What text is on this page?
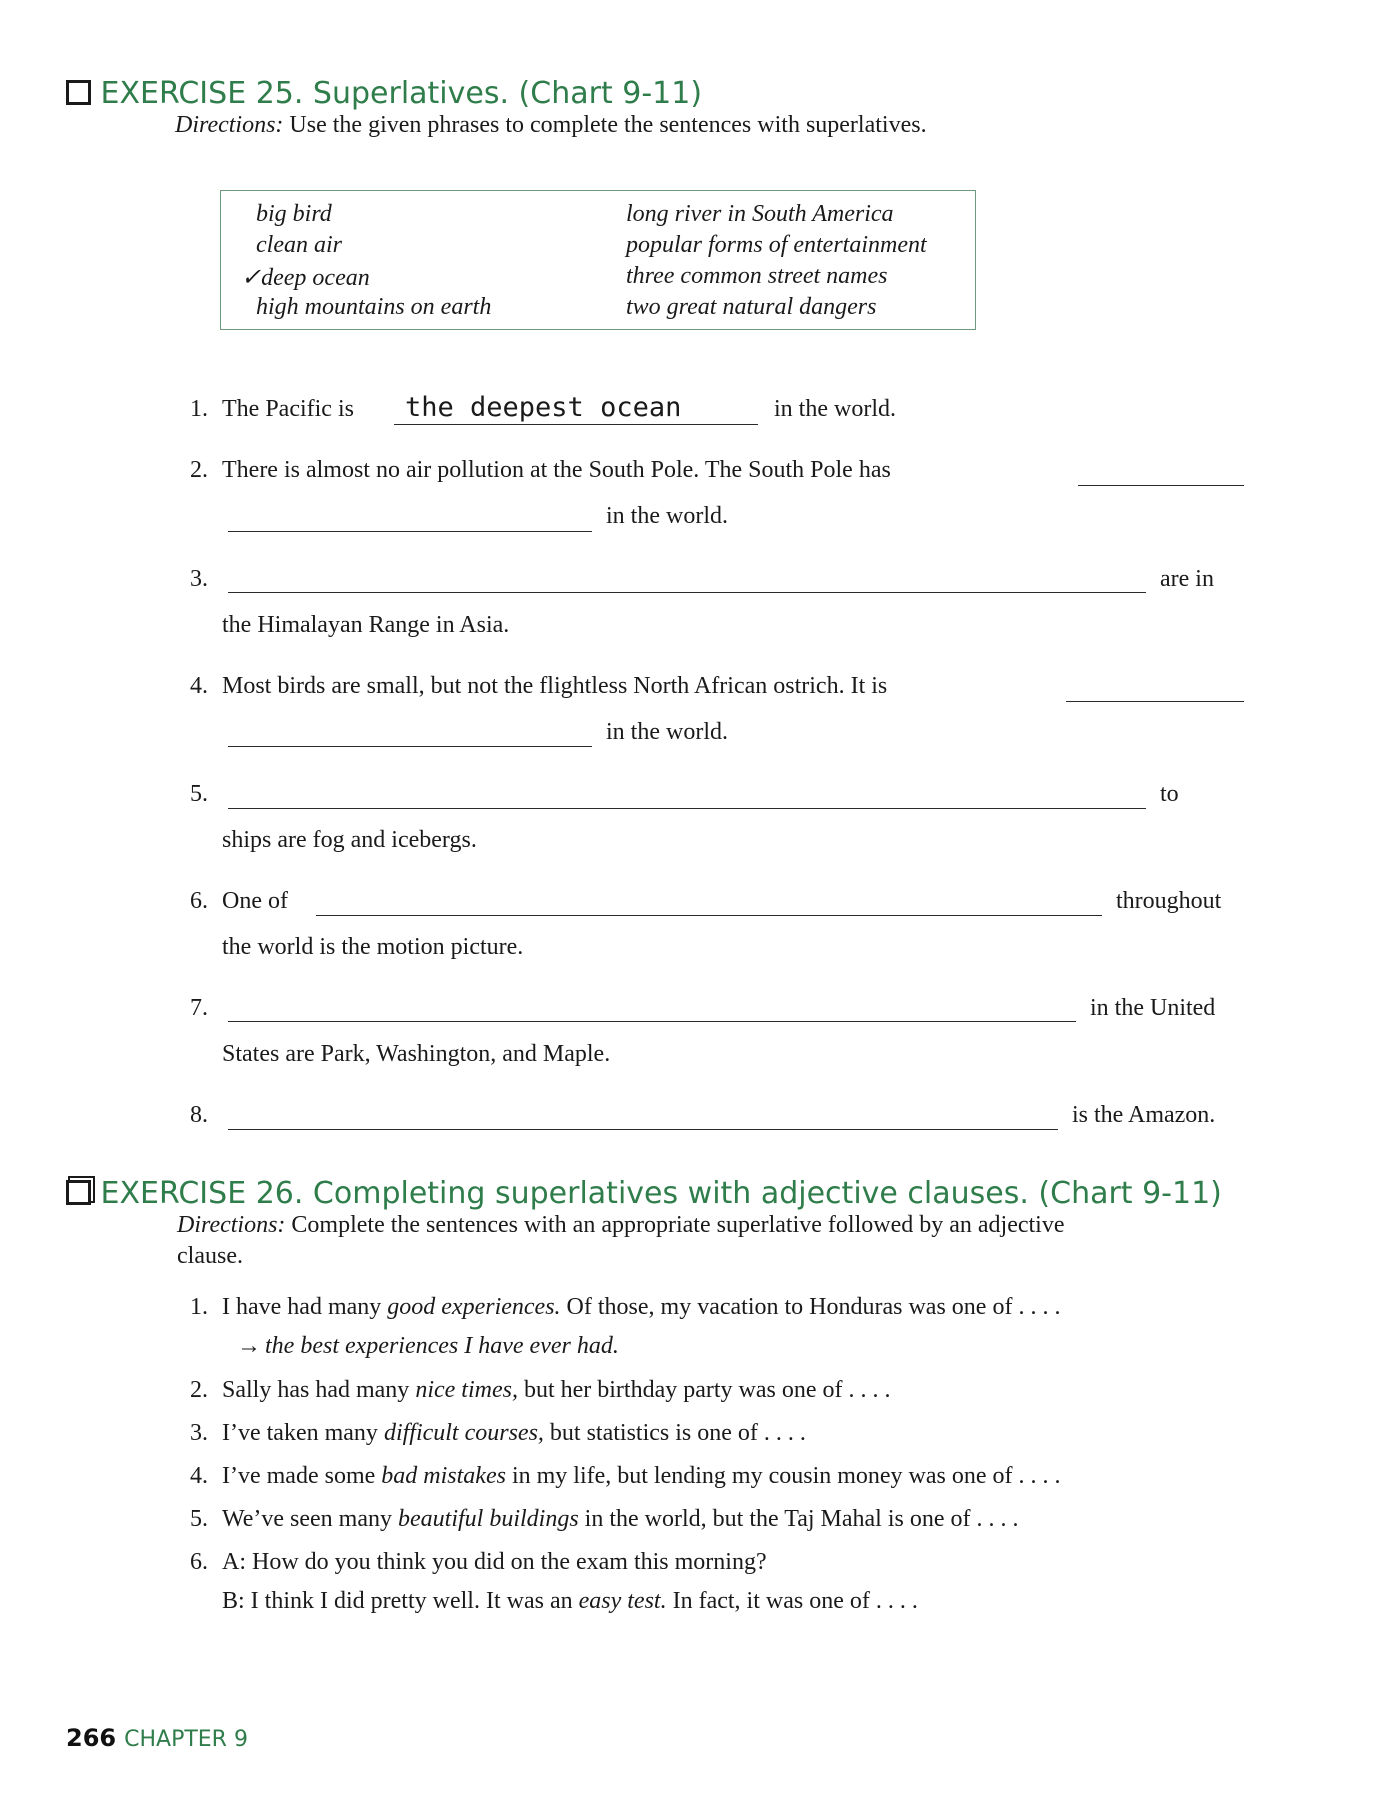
EXERCISE 25. Superlatives. (Chart 9-11)
Directions: Use the given phrases to complete the sentences with superlatives.
big bird
clean air
✓deep ocean
high mountains on earth
long river in South America
popular forms of entertainment
three common street names
two great natural dangers
1. The Pacific is the deepest ocean	in the world.
2. There is almost no air pollution at the South Pole. The South Pole has
in the world.
3.	are in
the Himalayan Range in Asia.
4. Most birds are small, but not the flightless North African ostrich. It is
in the world.
5.	to
ships are fog and icebergs.
6. One of	throughout
the world is the motion picture.
7.	in the United
States are Park, Washington, and Maple.
8.	is the Amazon.
EXERCISE 26. Completing superlatives with adjective clauses. (Chart 9-11)
Directions: Complete the sentences with an appropriate superlative followed by an adjective
clause.
1. I have had many good experiences. Of those, my vacation to Honduras was one of . . . .
→ the best experiences I have ever had.
2. Sally has had many nice times, but her birthday party was one of . . . .
3. I’ve taken many difficult courses, but statistics is one of . . . .
4. I’ve made some bad mistakes in my life, but lending my cousin money was one of . . . .
5. We’ve seen many beautiful buildings in the world, but the Taj Mahal is one of . . . .
6. A: How do you think you did on the exam this morning?
B: I think I did pretty well. It was an easy test. In fact, it was one of . . . .
266 CHAPTER 9
